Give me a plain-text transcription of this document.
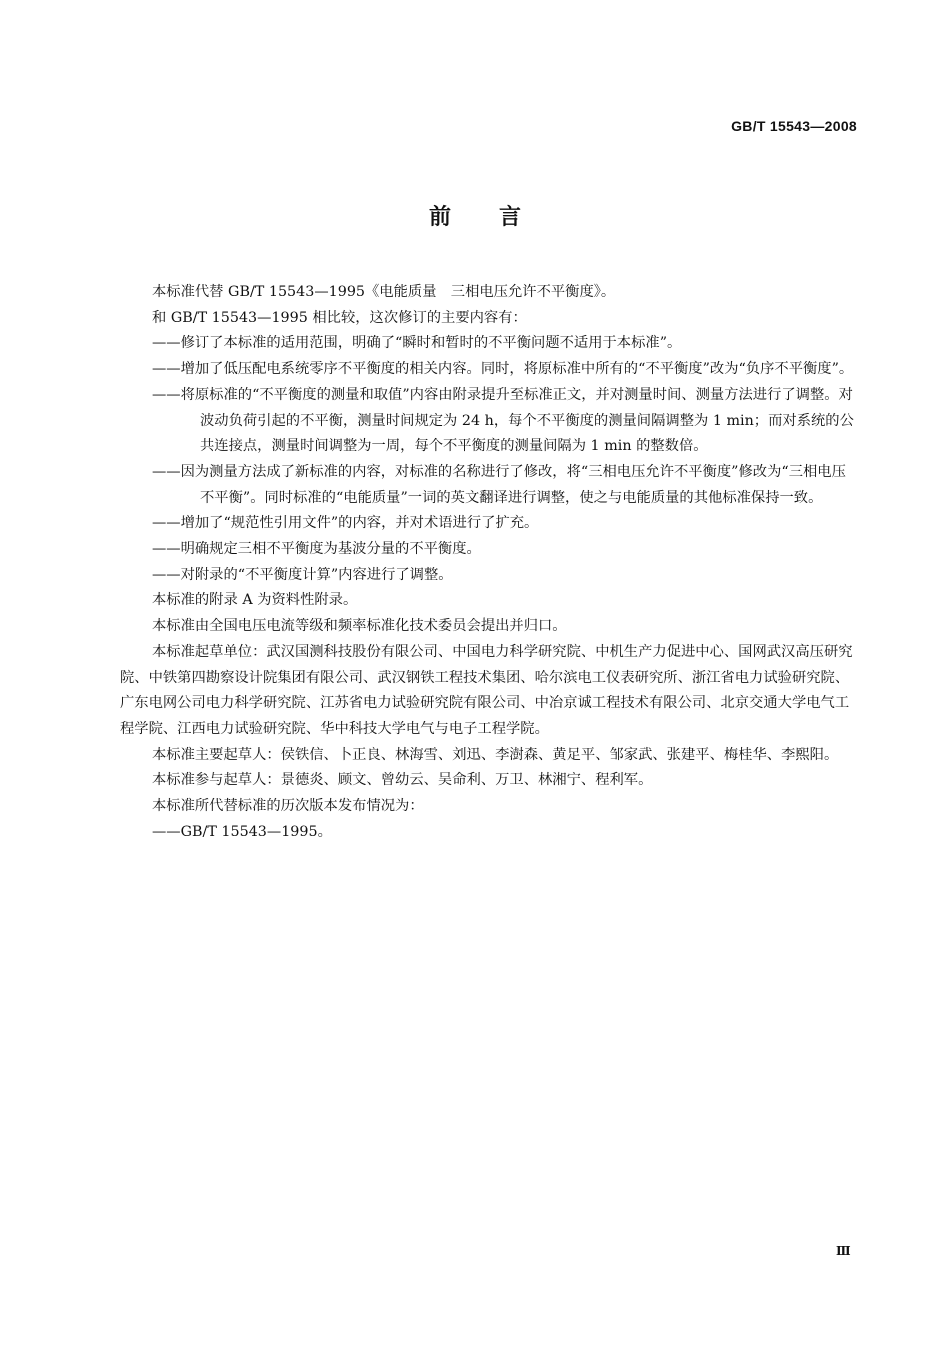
GB/T 15543—2008
前言

本标准代替 GB/T 15543—1995《电能质量　三相电压允许不平衡度》。

和 GB/T 15543—1995 相比较，这次修订的主要内容有：

——修订了本标准的适用范围，明确了“瞬时和暂时的不平衡问题不适用于本标准”。

——增加了低压配电系统零序不平衡度的相关内容。同时，将原标准中所有的“不平衡度”改为“负序不平衡度”。

——将原标准的“不平衡度的测量和取值”内容由附录提升至标准正文，并对测量时间、测量方法进行了调整。对波动负荷引起的不平衡，测量时间规定为 24 h，每个不平衡度的测量间隔调整为 1 min；而对系统的公共连接点，测量时间调整为一周，每个不平衡度的测量间隔为 1 min 的整数倍。

——因为测量方法成了新标准的内容，对标准的名称进行了修改，将“三相电压允许不平衡度”修改为“三相电压不平衡”。同时标准的“电能质量”一词的英文翻译进行调整，使之与电能质量的其他标准保持一致。

——增加了“规范性引用文件”的内容，并对术语进行了扩充。

——明确规定三相不平衡度为基波分量的不平衡度。

——对附录的“不平衡度计算”内容进行了调整。

本标准的附录 A 为资料性附录。

本标准由全国电压电流等级和频率标准化技术委员会提出并归口。

本标准起草单位：武汉国测科技股份有限公司、中国电力科学研究院、中机生产力促进中心、国网武汉高压研究院、中铁第四勘察设计院集团有限公司、武汉钢铁工程技术集团、哈尔滨电工仪表研究所、浙江省电力试验研究院、广东电网公司电力科学研究院、江苏省电力试验研究院有限公司、中冶京诚工程技术有限公司、北京交通大学电气工程学院、江西电力试验研究院、华中科技大学电气与电子工程学院。

本标准主要起草人：侯铁信、卜正良、林海雪、刘迅、李澍森、黄足平、邹家武、张建平、梅桂华、李熙阳。

本标准参与起草人：景德炎、顾文、曾幼云、吴命利、万卫、林湘宁、程利军。

本标准所代替标准的历次版本发布情况为：

——GB/T 15543—1995。

Ⅲ
